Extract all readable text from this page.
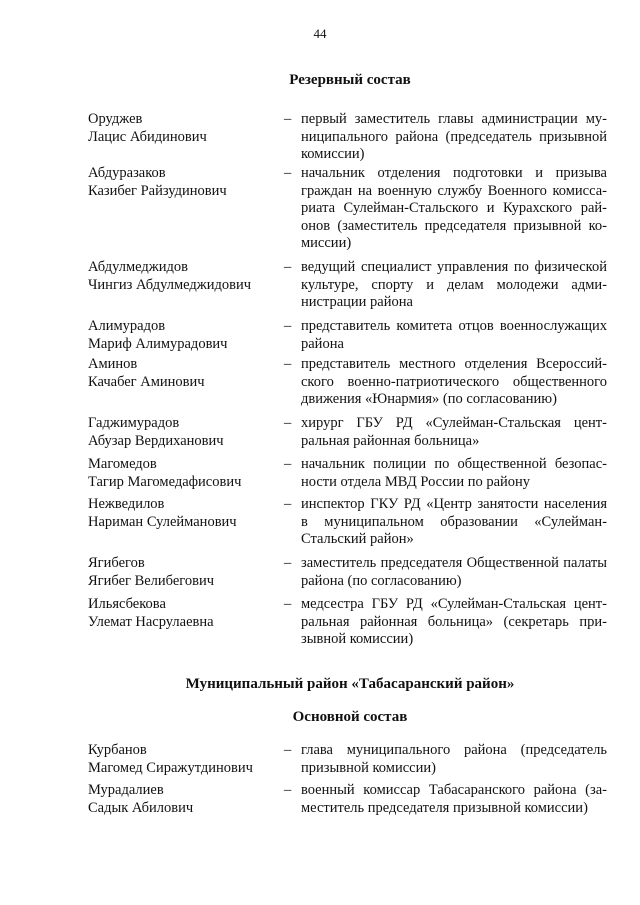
44
Резервный состав
Оруджев
Лацис Абидинович
– первый заместитель главы администрации муниципального района (председатель призывной комиссии)
Абдуразаков
Казибег Райзудинович
– начальник отделения подготовки и призыва граждан на военную службу Военного комиссариата Сулейман-Стальского и Курахского районов (заместитель председателя призывной комиссии)
Абдулмеджидов
Чингиз Абдулмеджидович
– ведущий специалист управления по физической культуре, спорту и делам молодежи администрации района
Алимурадов
Мариф Алимурадович
– представитель комитета отцов военнослужащих района
Аминов
Качабег Аминович
– представитель местного отделения Всероссийского военно-патриотического общественного движения «Юнармия» (по согласованию)
Гаджимурадов
Абузар Вердиханович
– хирург ГБУ РД «Сулейман-Стальская центральная районная больница»
Магомедов
Тагир Магомедафисович
– начальник полиции по общественной безопасности отдела МВД России по району
Нежведилов
Нариман Сулейманович
– инспектор ГКУ РД «Центр занятости населения в муниципальном образовании «Сулейман-Стальский район»
Ягибегов
Ягибег Велибегович
– заместитель председателя Общественной палаты района (по согласованию)
Ильясбекова
Улемат Насрулаевна
– медсестра ГБУ РД «Сулейман-Стальская центральная районная больница» (секретарь призывной комиссии)
Муниципальный район «Табасаранский район»
Основной состав
Курбанов
Магомед Сиражутдинович
– глава муниципального района (председатель призывной комиссии)
Мурадалиев
Садык Абилович
– военный комиссар Табасаранского района (заместитель председателя призывной комиссии)
